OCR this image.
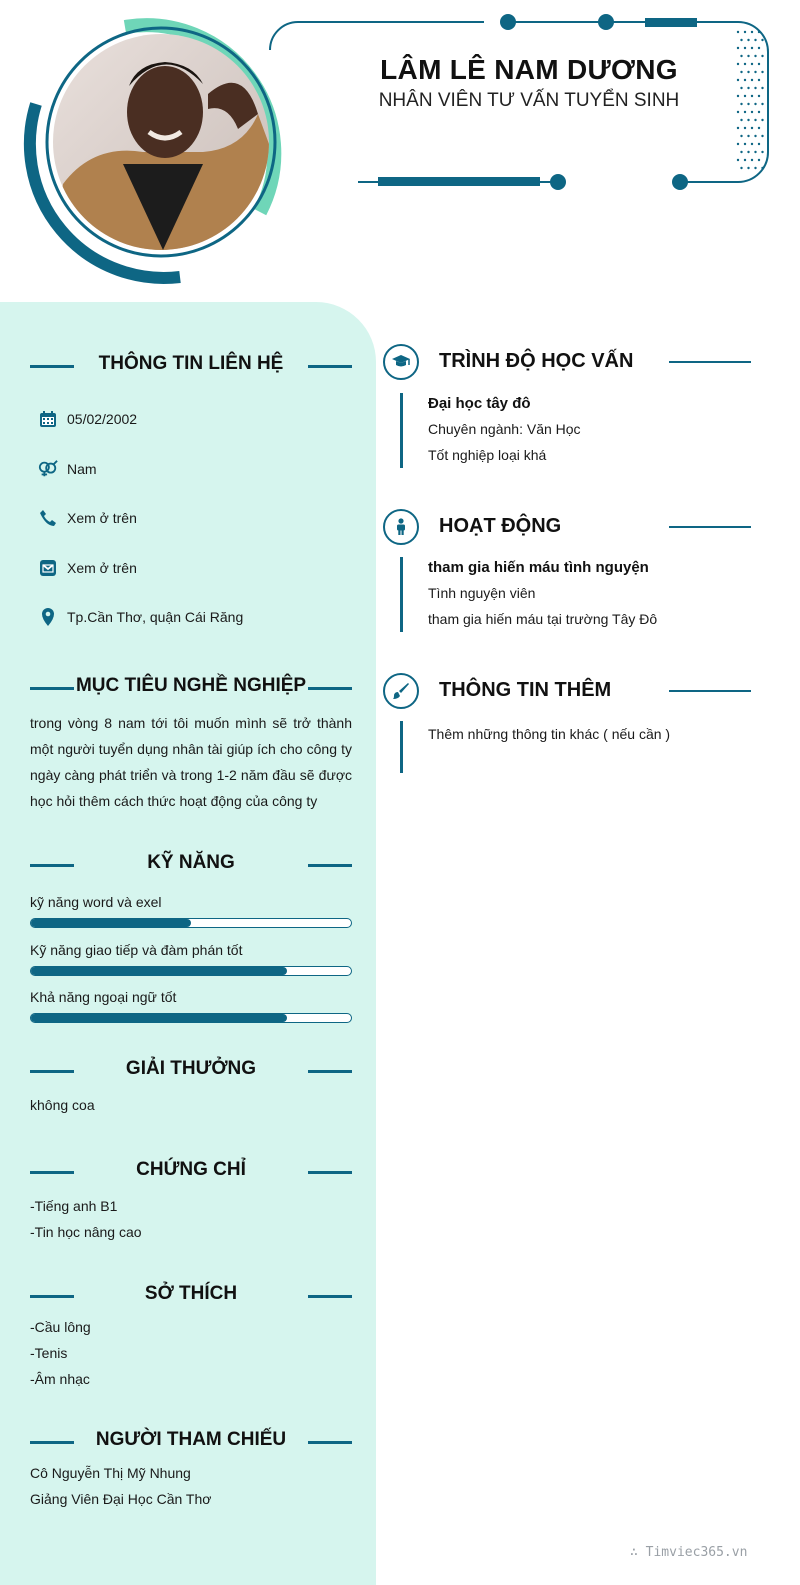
LÂM LÊ NAM DƯƠNG
NHÂN VIÊN TƯ VẤN TUYỂN SINH
THÔNG TIN LIÊN HỆ
05/02/2002
Nam
Xem ở trên
Xem ở trên
Tp.Cần Thơ, quận Cái Răng
MỤC TIÊU NGHỀ NGHIỆP
trong vòng 8 nam tới tôi muốn mình sẽ trở thành một người tuyển dụng nhân tài giúp ích cho công ty ngày càng phát triển và trong 1-2 năm đầu sẽ được học hỏi thêm cách thức hoạt động của công ty
KỸ NĂNG
kỹ năng word và exel
Kỹ năng giao tiếp và đàm phán tốt
Khả năng ngoại ngữ tốt
GIẢI THƯỞNG
không coa
CHỨNG CHỈ
-Tiếng anh B1
-Tin học nâng cao
SỞ THÍCH
-Cầu lông
-Tenis
-Âm nhạc
NGƯỜI THAM CHIẾU
Cô Nguyễn Thị Mỹ Nhung
Giảng Viên Đại Học Cần Thơ
TRÌNH ĐỘ HỌC VẤN
Đại học tây đô
Chuyên ngành: Văn Học
Tốt nghiệp loại khá
HOẠT ĐỘNG
tham gia hiến máu tình nguyện
Tình nguyện viên
tham gia hiến máu tại trường Tây Đô
THÔNG TIN THÊM
Thêm những thông tin khác ( nếu cần )
∴ Timviec365.vn
